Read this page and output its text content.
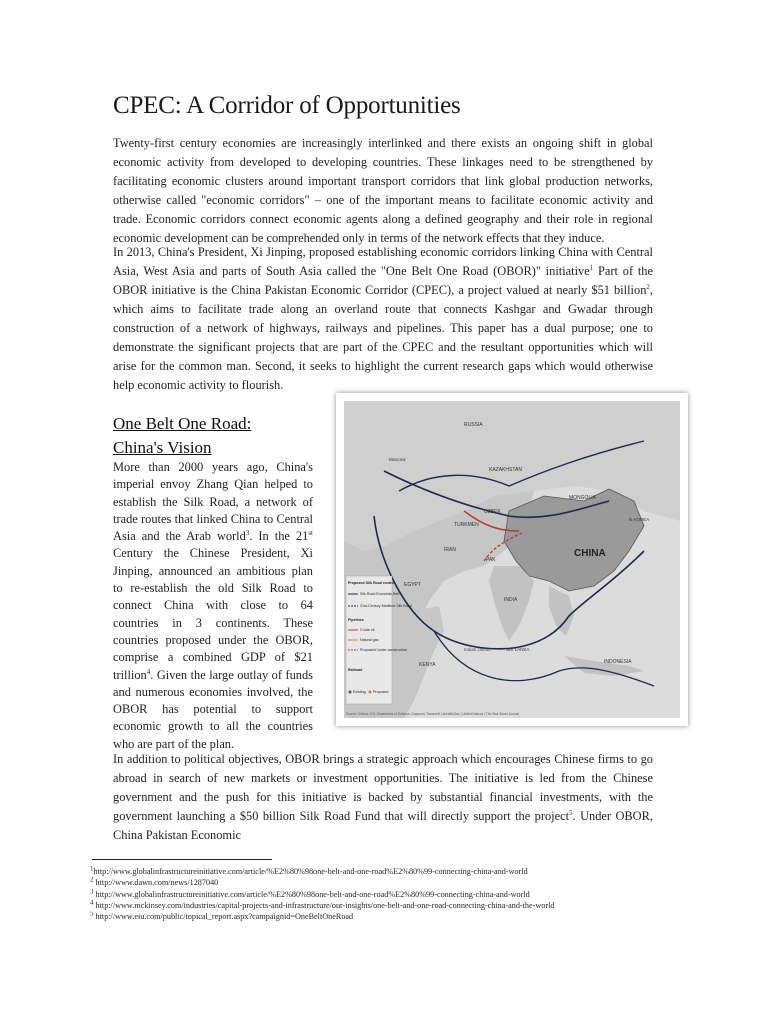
CPEC: A Corridor of Opportunities

Twenty-first century economies are increasingly interlinked and there exists an ongoing shift in global economic activity from developed to developing countries. These linkages need to be strengthened by facilitating economic clusters around important transport corridors that link global production networks, otherwise called "economic corridors" – one of the important means to facilitate economic activity and trade. Economic corridors connect economic agents along a defined geography and their role in regional economic development can be comprehended only in terms of the network effects that they induce.

In 2013, China's President, Xi Jinping, proposed establishing economic corridors linking China with Central Asia, West Asia and parts of South Asia called the "One Belt One Road (OBOR)" initiative$^1$ Part of the OBOR initiative is the China Pakistan Economic Corridor (CPEC), a project valued at nearly $51 billion$^2$, which aims to facilitate trade along an overland route that connects Kashgar and Gwadar through construction of a network of highways, railways and pipelines. This paper has a dual purpose; one to demonstrate the significant projects that are part of the CPEC and the resultant opportunities which will arise for the common man. Second, it seeks to highlight the current research gaps which would otherwise help economic activity to flourish.

One Belt One Road:
China's Vision

More than 2000 years ago, China's imperial envoy Zhang Qian helped to establish the Silk Road, a network of trade routes that linked China to Central Asia and the Arab world$^3$. In the 21st Century the Chinese President, Xi Jinping, announced an ambitious plan to re-establish the old Silk Road to connect China with close to 64 countries in 3 continents. These countries proposed under the OBOR, comprise a combined GDP of $21 trillion$^4$. Given the large outlay of funds and numerous economies involved, the OBOR has potential to support economic growth to all the countries who are part of the plan.

CHINA
RUSSIA
KAZAKHSTAN
MONGOLIA
INDIA
PAK
IRAN
TURKMEN
UZBEK
EGYPT
KENYA	INDONESIA
SRI LANKA
N.KOREA
Moscow
Indian Ocean
Proposed Silk Road routes
Silk Road Economic Belt
21st-Century Maritime Silk Road
Pipelines
Crude oil
Natural gas
Proposed/ under construction
Railroad
Existing Proposed
Source: Xinhua; U.S. Department of Defense; Gazprom; Transneft; UkrNaftoGaz | United Nations | The Wall Street Journal

In addition to political objectives, OBOR brings a strategic approach which encourages Chinese firms to go abroad in search of new markets or investment opportunities. The initiative is led from the Chinese government and the push for this initiative is backed by substantial financial investments, with the government launching a $50 billion Silk Road Fund that will directly support the project$^5$. Under OBOR, China Pakistan Economic

$^1$http://www.globalinfrastructureinitiative.com/article/%E2%80%98one-belt-and-one-road%E2%80%99-connecting-china-and-world
$^2$ http://www.dawn.com/news/1287040
$^3$ http://www.globalinfrastructureinitiative.com/article/%E2%80%98one-belt-and-one-road%E2%80%99-connecting-china-and-world
$^4$ http://www.mckinsey.com/industries/capital-projects-and-infrastructure/our-insights/one-belt-and-one-road-connecting-china-and-the-world
$^5$ http://www.eiu.com/public/topical_report.aspx?campaignid=OneBeltOneRoad
